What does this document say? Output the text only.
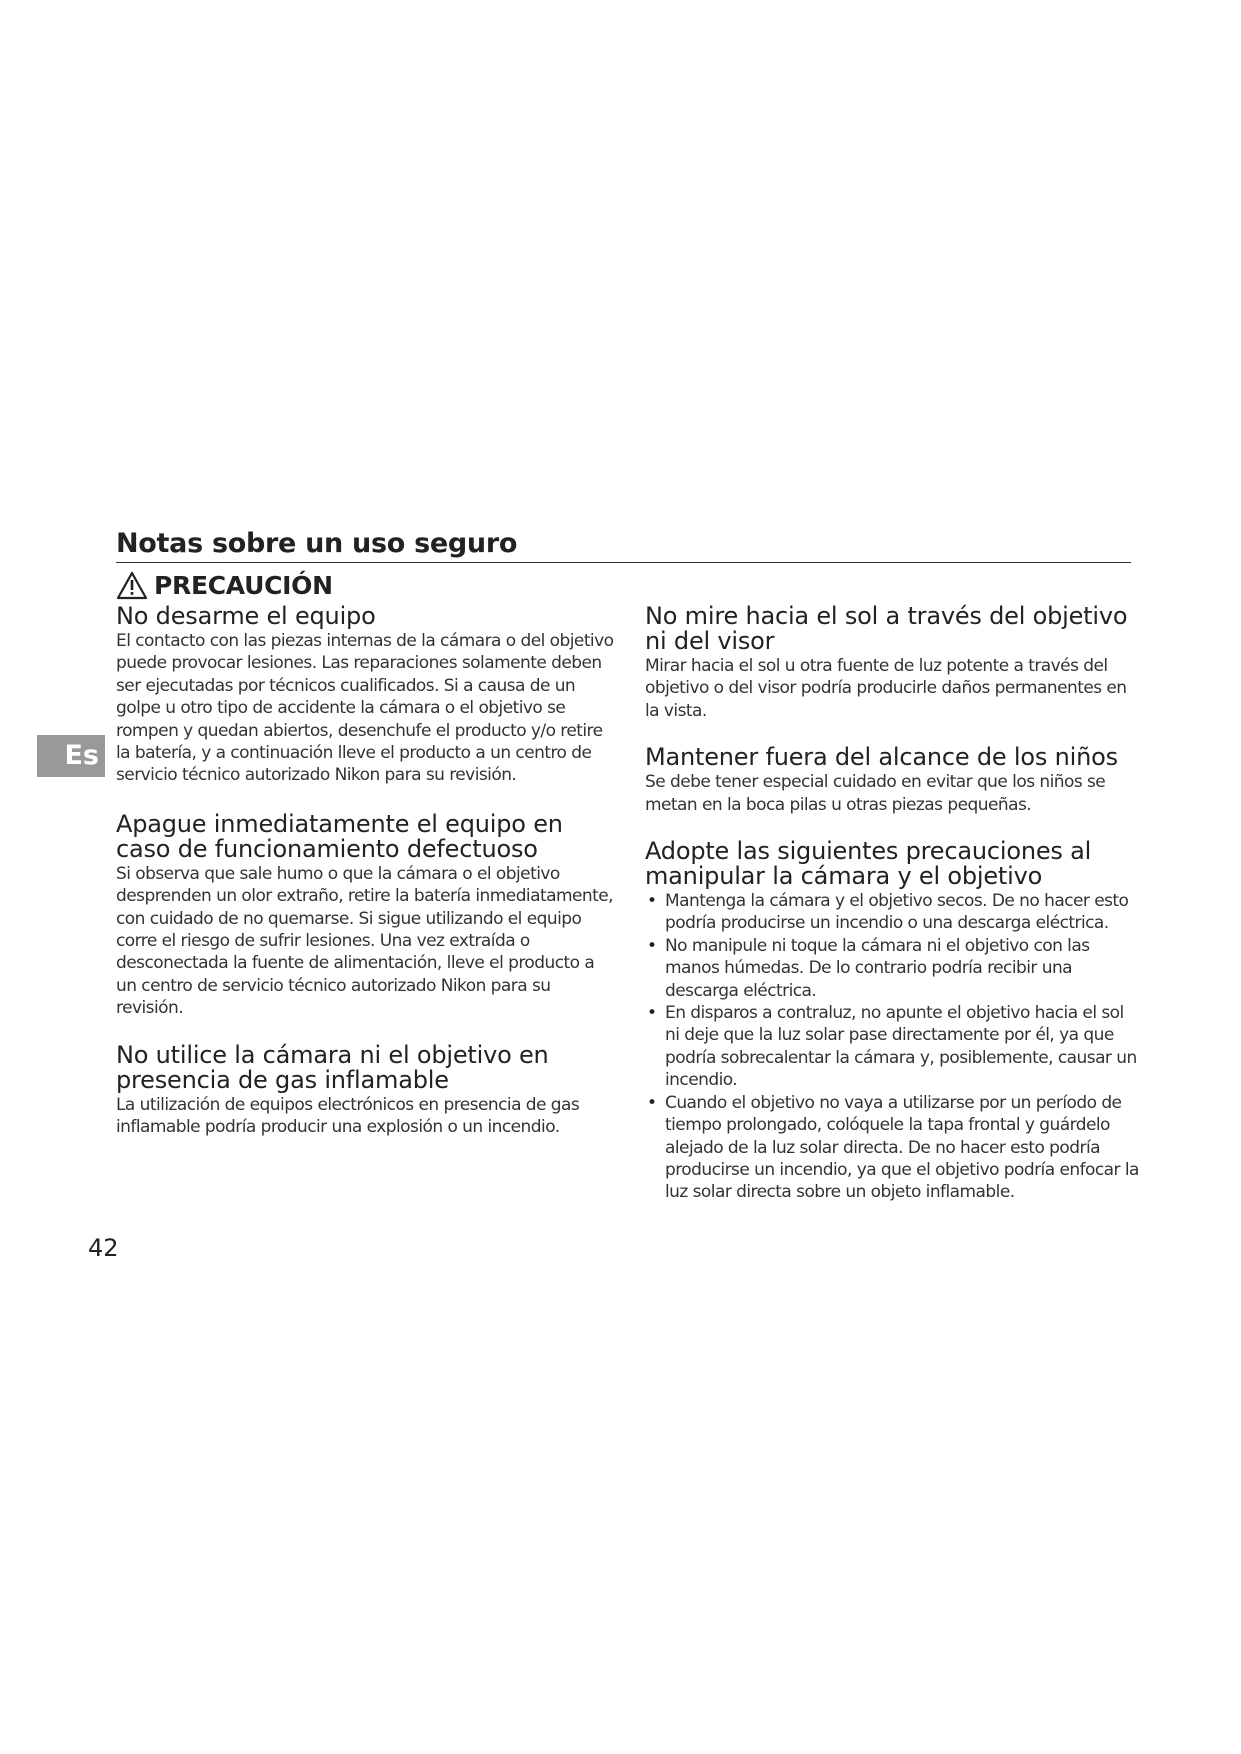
Notas sobre un uso seguro
PRECAUCIÓN
Es
No desarme el equipo

El contacto con las piezas internas de la cámara o del objetivo puede provocar lesiones. Las reparaciones solamente deben ser ejecutadas por técnicos cualificados. Si a causa de un golpe u otro tipo de accidente la cámara o el objetivo se rompen y quedan abiertos, desenchufe el producto y/o retire la batería, y a continuación lleve el producto a un centro de servicio técnico autorizado Nikon para su revisión.

Apague inmediatamente el equipo en caso de funcionamiento defectuoso

Si observa que sale humo o que la cámara o el objetivo desprenden un olor extraño, retire la batería inmediatamente, con cuidado de no quemarse. Si sigue utilizando el equipo corre el riesgo de sufrir lesiones. Una vez extraída o desconectada la fuente de alimentación, lleve el producto a un centro de servicio técnico autorizado Nikon para su revisión.

No utilice la cámara ni el objetivo en presencia de gas inflamable

La utilización de equipos electrónicos en presencia de gas inflamable podría producir una explosión o un incendio.

No mire hacia el sol a través del objetivo ni del visor

Mirar hacia el sol u otra fuente de luz potente a través del objetivo o del visor podría producirle daños permanentes en la vista.

Mantener fuera del alcance de los niños

Se debe tener especial cuidado en evitar que los niños se metan en la boca pilas u otras piezas pequeñas.

Adopte las siguientes precauciones al manipular la cámara y el objetivo
• Mantenga la cámara y el objetivo secos. De no hacer esto podría producirse un incendio o una descarga eléctrica.
• No manipule ni toque la cámara ni el objetivo con las manos húmedas. De lo contrario podría recibir una descarga eléctrica.
• En disparos a contraluz, no apunte el objetivo hacia el sol ni deje que la luz solar pase directamente por él, ya que podría sobrecalentar la cámara y, posiblemente, causar un incendio.
• Cuando el objetivo no vaya a utilizarse por un período de tiempo prolongado, colóquele la tapa frontal y guárdelo alejado de la luz solar directa. De no hacer esto podría producirse un incendio, ya que el objetivo podría enfocar la luz solar directa sobre un objeto inflamable.
42
